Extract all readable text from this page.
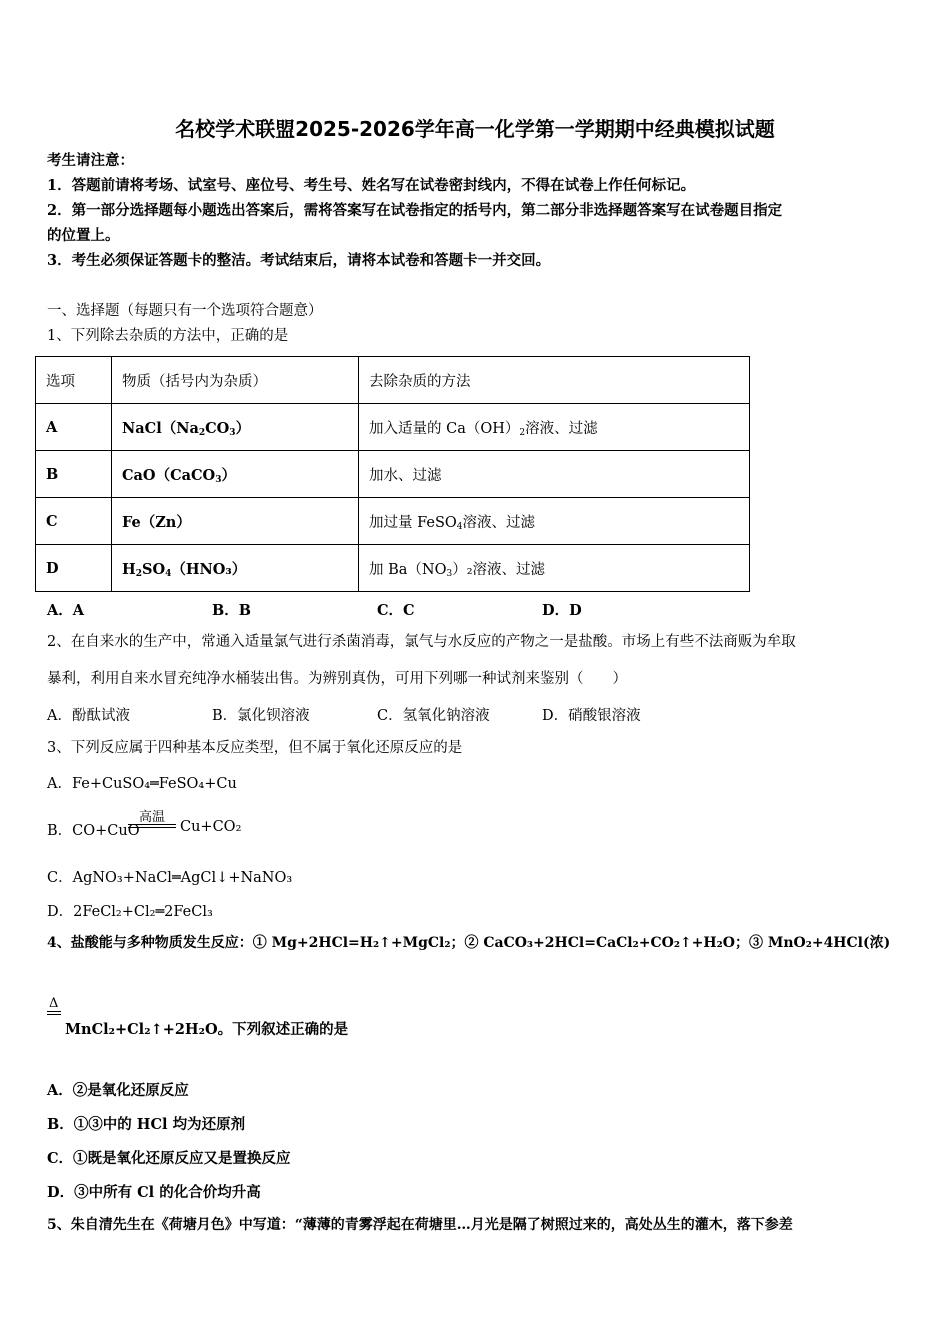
名校学术联盟2025-2026学年高一化学第一学期期中经典模拟试题
考生请注意：
1．答题前请将考场、试室号、座位号、考生号、姓名写在试卷密封线内，不得在试卷上作任何标记。
2．第一部分选择题每小题选出答案后，需将答案写在试卷指定的括号内，第二部分非选择题答案写在试卷题目指定
的位置上。
3．考生必须保证答题卡的整洁。考试结束后，请将本试卷和答题卡一并交回。
一、选择题（每题只有一个选项符合题意）
1、下列除去杂质的方法中，正确的是
选项	物质（括号内为杂质）	去除杂质的方法
A	$NaCl(Na_2CO_3)$	加入适量的 $Ca(OH)_2$溶液、过滤
B	CaO（CaCO$_3$）	加水、过滤
C	Fe（Zn）	加过量 FeSO$_4$溶液、过滤
D	$H_2SO_4(HNO_3)$	加 $Ba(NO_3)_2$溶液、过滤
A．A	B．B	C．C	D．D
2、在自来水的生产中，常通入适量氯气进行杀菌消毒，氯气与水反应的产物之一是盐酸。市场上有些不法商贩为牟取
暴利，利用自来水冒充纯净水桶装出售。为辨别真伪，可用下列哪一种试剂来鉴别（　　）
A．酚酞试液	B．氯化钡溶液	C．氢氧化钠溶液	D．硝酸银溶液
3、下列反应属于四种基本反应类型，但不属于氧化还原反应的是
A．Fe+CuSO₄═FeSO₄+Cu
B．CO+CuO
高温
Cu+CO₂
C．AgNO₃+NaCl═AgCl↓+NaNO₃
D．2FeCl₂+Cl₂═2FeCl₃
4、盐酸能与多种物质发生反应：① Mg+2HCl=H₂↑+MgCl₂；② CaCO₃+2HCl=CaCl₂+CO₂↑+H₂O；③ MnO₂+4HCl(浓)
Δ
MnCl₂+Cl₂↑+2H₂O。下列叙述正确的是
A．②是氧化还原反应
B．①③中的 HCl 均为还原剂
C．①既是氧化还原反应又是置换反应
D．③中所有 Cl 的化合价均升高
5、朱自清先生在《荷塘月色》中写道：“薄薄的青雾浮起在荷塘里…月光是隔了树照过来的，高处丛生的灌木，落下参差
